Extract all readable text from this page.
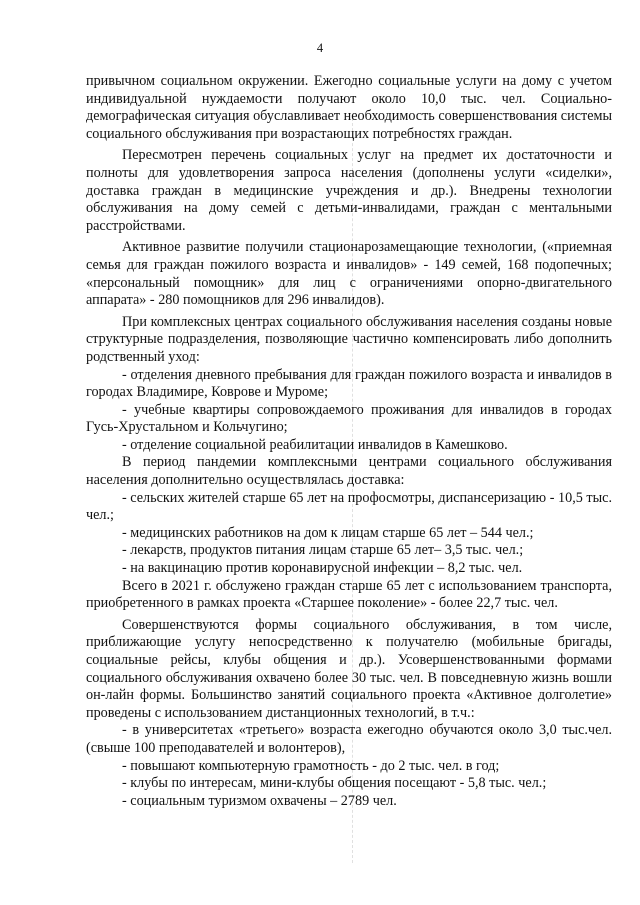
4

привычном социальном окружении. Ежегодно социальные услуги на дому с учетом индивидуальной нуждаемости получают около 10,0 тыс. чел. Социально-демографическая ситуация обуславливает необходимость совершенствования системы социального обслуживания при возрастающих потребностях граждан.

Пересмотрен перечень социальных услуг на предмет их достаточности и полноты для удовлетворения запроса населения (дополнены услуги «сиделки», доставка граждан в медицинские учреждения и др.). Внедрены технологии обслуживания на дому семей с детьми-инвалидами, граждан с ментальными расстройствами.

Активное развитие получили стационарозамещающие технологии, («приемная семья для граждан пожилого возраста и инвалидов» - 149 семей, 168 подопечных; «персональный помощник» для лиц с ограничениями опорно-двигательного аппарата» - 280 помощников для 296 инвалидов).

При комплексных центрах социального обслуживания населения созданы новые структурные подразделения, позволяющие частично компенсировать либо дополнить родственный уход:

- отделения дневного пребывания для граждан пожилого возраста и инвалидов в городах Владимире, Коврове и Муроме;

- учебные квартиры сопровождаемого проживания для инвалидов в городах Гусь-Хрустальном и Кольчугино;

- отделение социальной реабилитации инвалидов в Камешково.

В период пандемии комплексными центрами социального обслуживания населения дополнительно осуществлялась доставка:

- сельских жителей старше 65 лет на профосмотры, диспансеризацию - 10,5 тыс. чел.;

- медицинских работников на дом к лицам старше 65 лет – 544 чел.;

- лекарств, продуктов питания лицам старше 65 лет– 3,5 тыс. чел.;

- на вакцинацию против коронавирусной инфекции – 8,2 тыс. чел.

Всего в 2021 г. обслужено граждан старше 65 лет с использованием транспорта, приобретенного в рамках проекта «Старшее поколение» - более 22,7 тыс. чел.

Совершенствуются формы социального обслуживания, в том числе, приближающие услугу непосредственно к получателю (мобильные бригады, социальные рейсы, клубы общения и др.). Усовершенствованными формами социального обслуживания охвачено более 30 тыс. чел. В повседневную жизнь вошли он-лайн формы. Большинство занятий социального проекта «Активное долголетие» проведены с использованием дистанционных технологий, в т.ч.:

- в университетах «третьего» возраста ежегодно обучаются около 3,0 тыс.чел. (свыше 100 преподавателей и волонтеров),

- повышают компьютерную грамотность - до 2 тыс. чел. в год;

- клубы по интересам, мини-клубы общения посещают - 5,8 тыс. чел.;

- социальным туризмом охвачены – 2789 чел.
